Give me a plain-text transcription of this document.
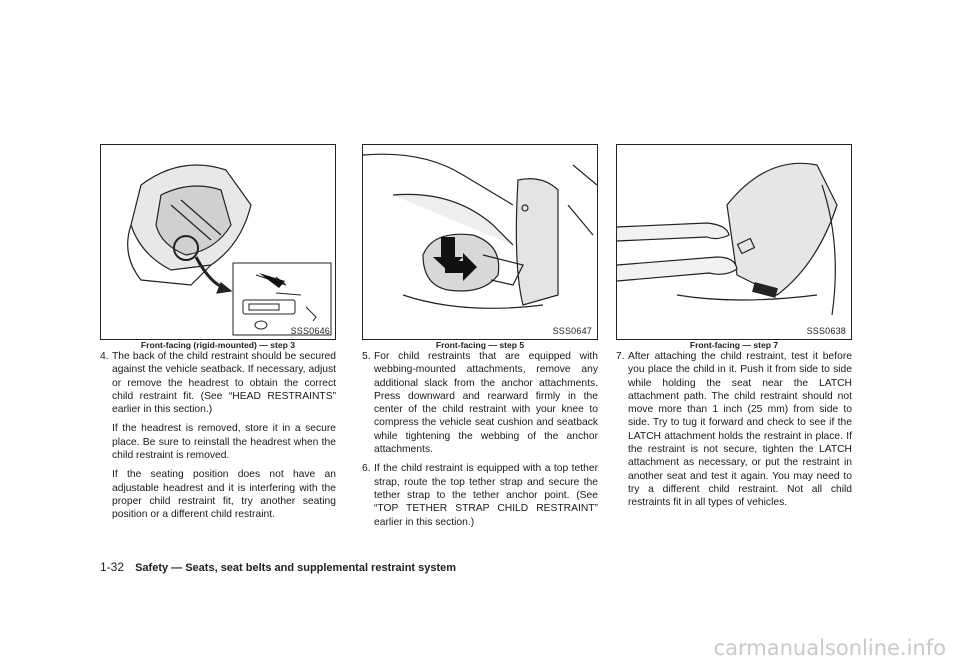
SSS0646
Front-facing (rigid-mounted) — step 3
4. The back of the child restraint should be secured against the vehicle seatback. If necessary, adjust or remove the headrest to obtain the correct child restraint fit. (See “HEAD RESTRAINTS” earlier in this section.)
If the headrest is removed, store it in a secure place. Be sure to reinstall the headrest when the child restraint is removed.
If the seating position does not have an adjustable headrest and it is interfering with the proper child restraint fit, try another seating position or a different child restraint.
SSS0647
Front-facing — step 5
5. For child restraints that are equipped with webbing-mounted attachments, remove any additional slack from the anchor attachments. Press downward and rearward firmly in the center of the child restraint with your knee to compress the vehicle seat cushion and seatback while tightening the webbing of the anchor attachments.
6. If the child restraint is equipped with a top tether strap, route the top tether strap and secure the tether strap to the tether anchor point. (See “TOP TETHER STRAP CHILD RESTRAINT” earlier in this section.)
SSS0638
Front-facing — step 7
7. After attaching the child restraint, test it before you place the child in it. Push it from side to side while holding the seat near the LATCH attachment path. The child restraint should not move more than 1 inch (25 mm) from side to side. Try to tug it forward and check to see if the LATCH attachment holds the restraint in place. If the restraint is not secure, tighten the LATCH attachment as necessary, or put the restraint in another seat and test it again. You may need to try a different child restraint. Not all child restraints fit in all types of vehicles.
1-32 Safety — Seats, seat belts and supplemental restraint system
carmanualsonline.info
